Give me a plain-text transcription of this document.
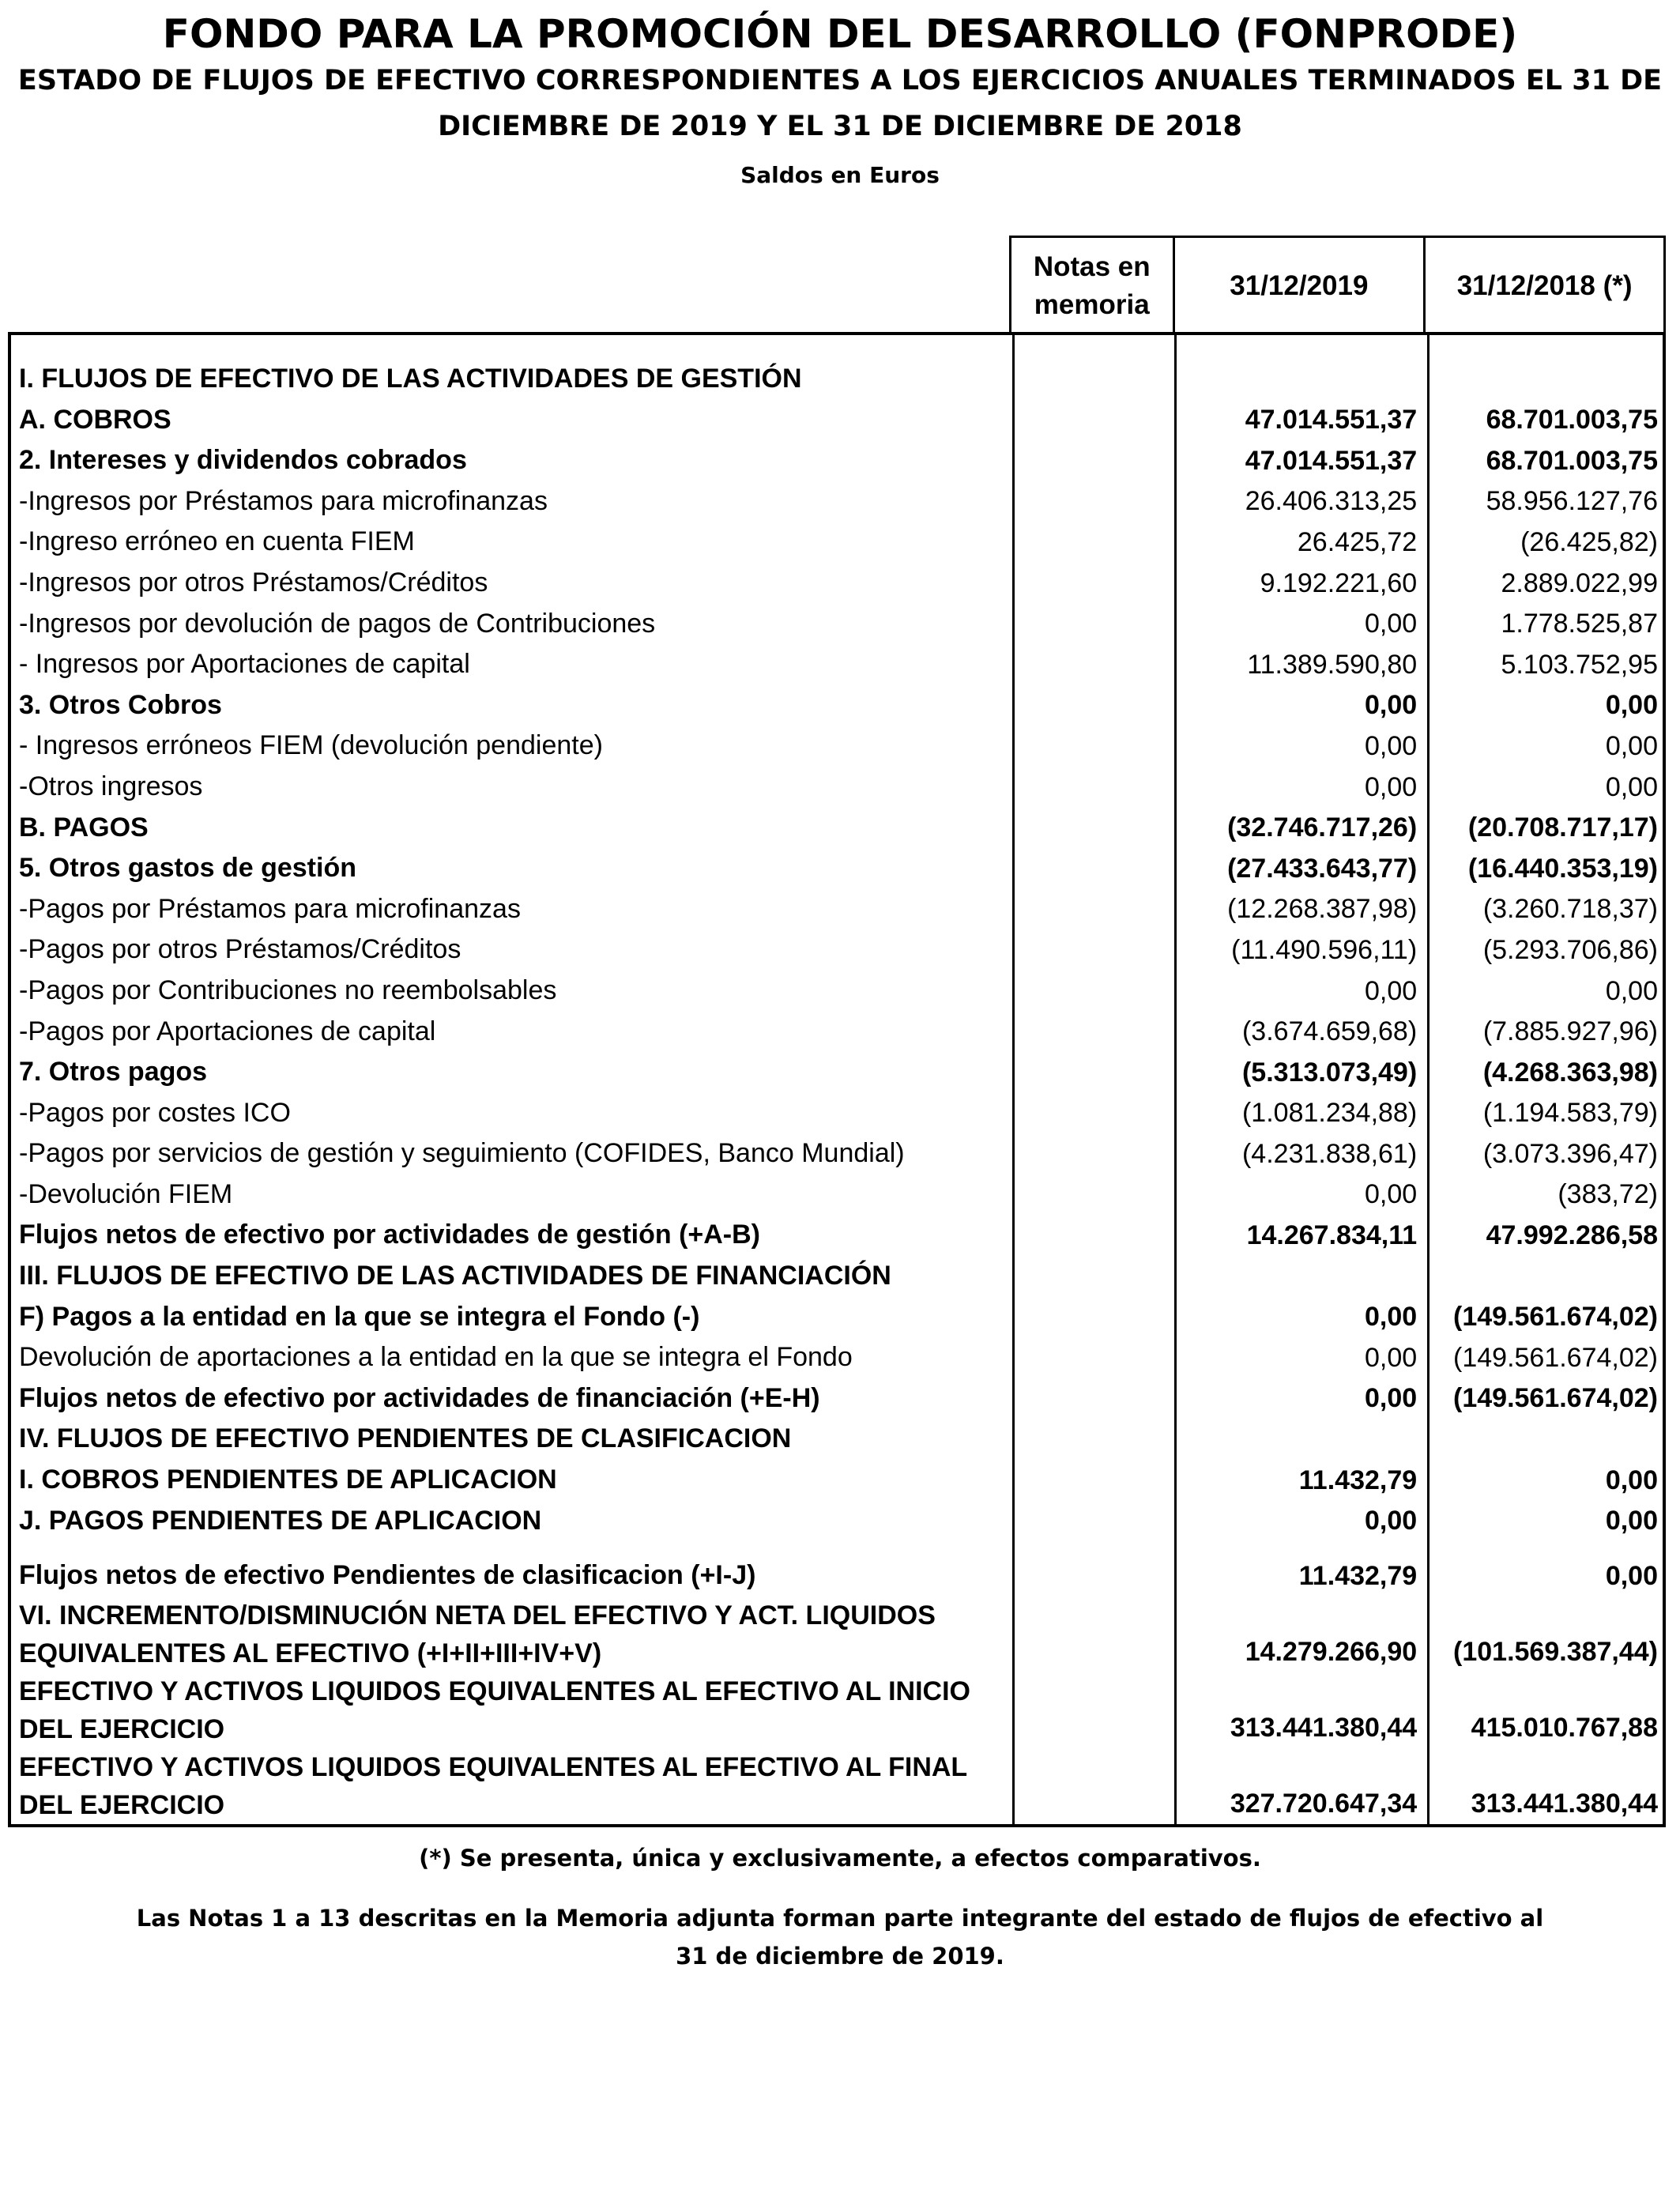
FONDO PARA LA PROMOCIÓN DEL DESARROLLO (FONPRODE)
ESTADO DE FLUJOS DE EFECTIVO CORRESPONDIENTES A LOS EJERCICIOS ANUALES TERMINADOS EL 31 DE
DICIEMBRE DE 2019 Y EL 31 DE DICIEMBRE DE 2018
Saldos en Euros
Notas en
memoria
31/12/2019	31/12/2018 (*)
I. FLUJOS DE EFECTIVO DE LAS ACTIVIDADES DE GESTIÓN
A. COBROS	47.014.551,37	68.701.003,75
2. Intereses y dividendos cobrados	47.014.551,37	68.701.003,75
-Ingresos por Préstamos para microfinanzas	26.406.313,25	58.956.127,76
-Ingreso erróneo en cuenta FIEM	26.425,72	(26.425,82)
-Ingresos por otros Préstamos/Créditos	9.192.221,60	2.889.022,99
-Ingresos por devolución de pagos de Contribuciones	0,00	1.778.525,87
- Ingresos por Aportaciones de capital	11.389.590,80	5.103.752,95
3. Otros Cobros	0,00	0,00
- Ingresos erróneos FIEM (devolución pendiente)	0,00	0,00
-Otros ingresos	0,00	0,00
B. PAGOS	(32.746.717,26)	(20.708.717,17)
5. Otros gastos de gestión	(27.433.643,77)	(16.440.353,19)
-Pagos por Préstamos para microfinanzas	(12.268.387,98)	(3.260.718,37)
-Pagos por otros Préstamos/Créditos	(11.490.596,11)	(5.293.706,86)
-Pagos por Contribuciones no reembolsables	0,00	0,00
-Pagos por Aportaciones de capital	(3.674.659,68)	(7.885.927,96)
7. Otros pagos	(5.313.073,49)	(4.268.363,98)
-Pagos por costes ICO	(1.081.234,88)	(1.194.583,79)
-Pagos por servicios de gestión y seguimiento (COFIDES, Banco Mundial)	(4.231.838,61)	(3.073.396,47)
-Devolución FIEM	0,00	(383,72)
Flujos netos de efectivo por actividades de gestión (+A-B)	14.267.834,11	47.992.286,58
III. FLUJOS DE EFECTIVO DE LAS ACTIVIDADES DE FINANCIACIÓN
F) Pagos a la entidad en la que se integra el Fondo (-)	0,00	(149.561.674,02)
Devolución de aportaciones a la entidad en la que se integra el Fondo	0,00	(149.561.674,02)
Flujos netos de efectivo por actividades de financiación (+E-H)	0,00	(149.561.674,02)
IV. FLUJOS DE EFECTIVO PENDIENTES DE CLASIFICACION
I. COBROS PENDIENTES DE APLICACION	11.432,79	0,00
J. PAGOS PENDIENTES DE APLICACION	0,00	0,00
Flujos netos de efectivo Pendientes de clasificacion (+I-J)	11.432,79	0,00
VI. INCREMENTO/DISMINUCIÓN NETA DEL EFECTIVO Y ACT. LIQUIDOS
EQUIVALENTES AL EFECTIVO (+I+II+III+IV+V)	14.279.266,90	(101.569.387,44)
EFECTIVO Y ACTIVOS LIQUIDOS EQUIVALENTES AL EFECTIVO AL INICIO
DEL EJERCICIO	313.441.380,44	415.010.767,88
EFECTIVO Y ACTIVOS LIQUIDOS EQUIVALENTES AL EFECTIVO AL FINAL
DEL EJERCICIO	327.720.647,34	313.441.380,44
(*) Se presenta, única y exclusivamente, a efectos comparativos.
Las Notas 1 a 13 descritas en la Memoria adjunta forman parte integrante del estado de flujos de efectivo al
31 de diciembre de 2019.
